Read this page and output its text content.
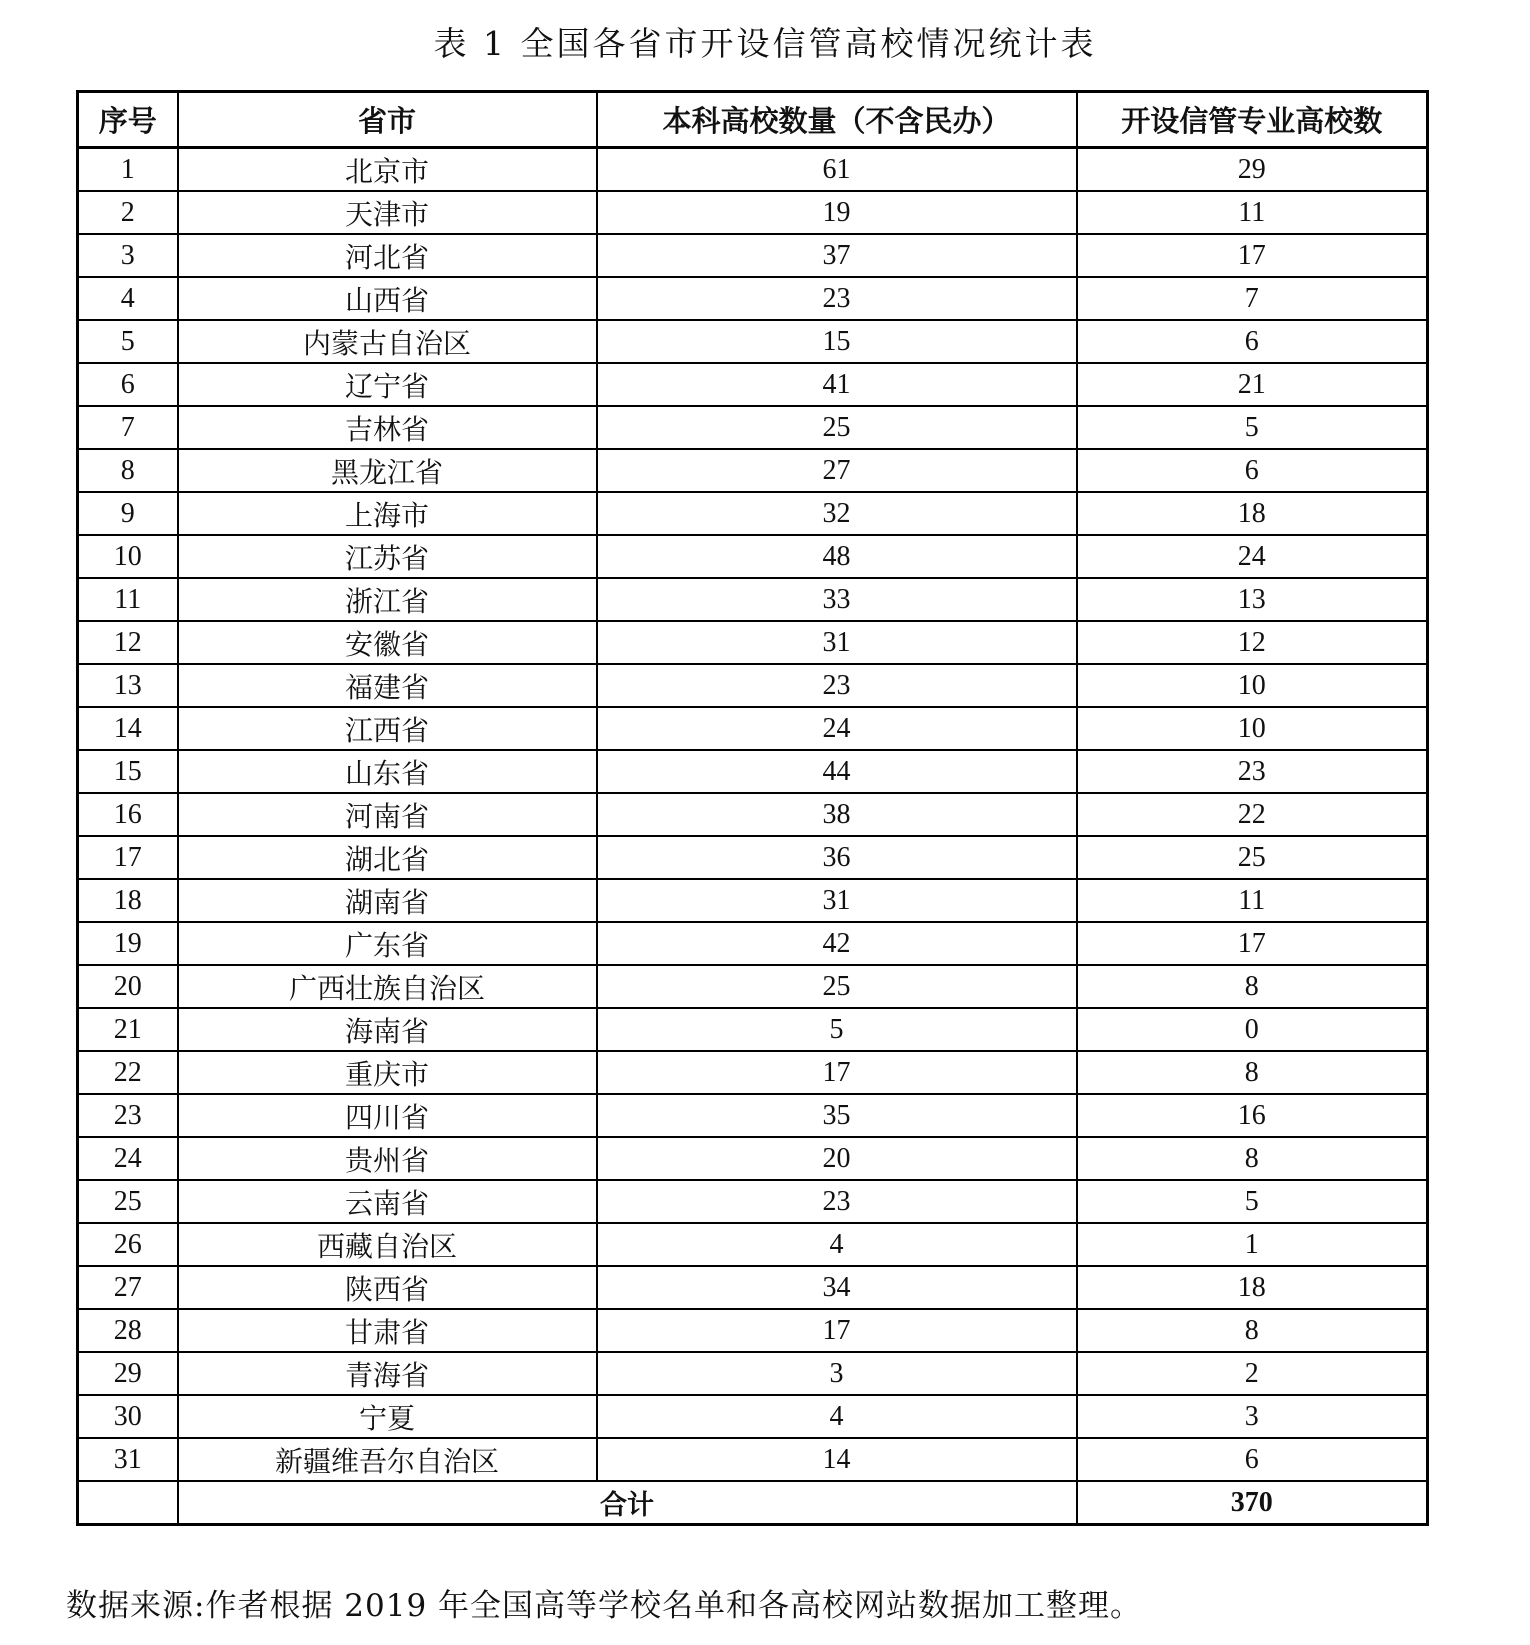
表 1 全国各省市开设信管高校情况统计表
序号	省市	本科高校数量（不含民办）	开设信管专业高校数
1	北京市	61	29
2	天津市	19	11
3	河北省	37	17
4	山西省	23	7
5	内蒙古自治区	15	6
6	辽宁省	41	21
7	吉林省	25	5
8	黑龙江省	27	6
9	上海市	32	18
10	江苏省	48	24
11	浙江省	33	13
12	安徽省	31	12
13	福建省	23	10
14	江西省	24	10
15	山东省	44	23
16	河南省	38	22
17	湖北省	36	25
18	湖南省	31	11
19	广东省	42	17
20	广西壮族自治区	25	8
21	海南省	5	0
22	重庆市	17	8
23	四川省	35	16
24	贵州省	20	8
25	云南省	23	5
26	西藏自治区	4	1
27	陕西省	34	18
28	甘肃省	17	8
29	青海省	3	2
30	宁夏	4	3
31	新疆维吾尔自治区	14	6
	合计		370
数据来源:作者根据 2019 年全国高等学校名单和各高校网站数据加工整理。
